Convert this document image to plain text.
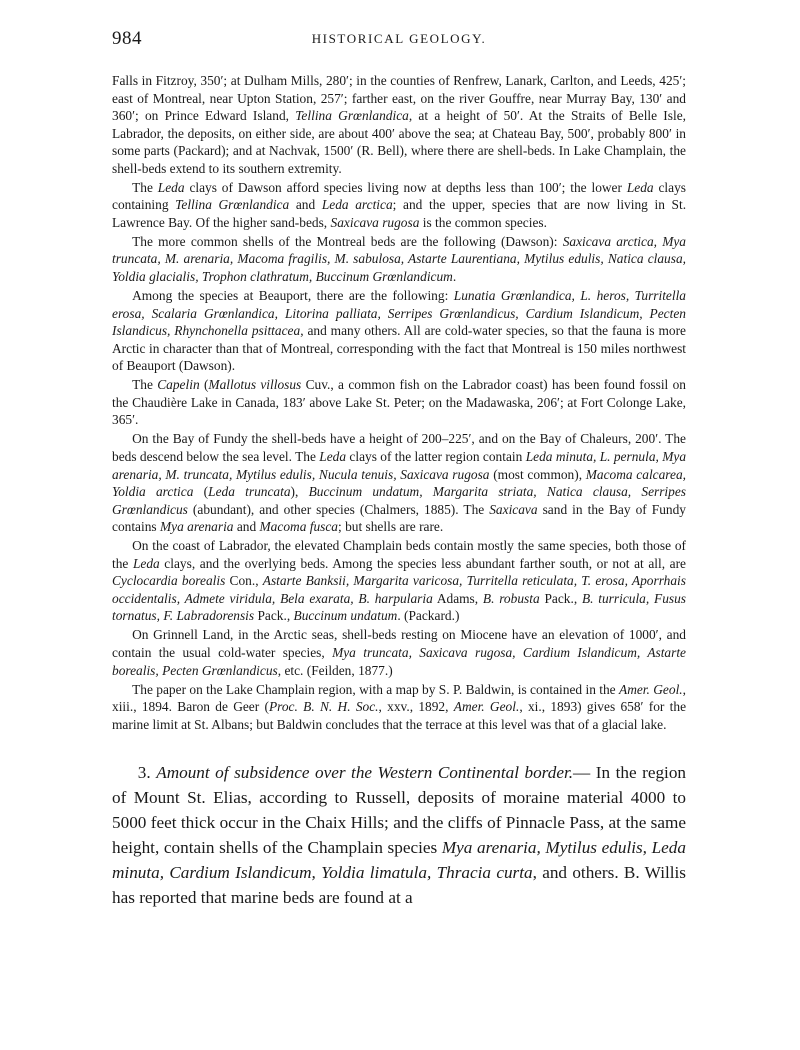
984	HISTORICAL GEOLOGY.

Falls in Fitzroy, 350′; at Dulham Mills, 280′; in the counties of Renfrew, Lanark, Carlton, and Leeds, 425′; east of Montreal, near Upton Station, 257′; farther east, on the river Gouffre, near Murray Bay, 130′ and 360′; on Prince Edward Island, Tellina Grœnlandica, at a height of 50′. At the Straits of Belle Isle, Labrador, the deposits, on either side, are about 400′ above the sea; at Chateau Bay, 500′, probably 800′ in some parts (Packard); and at Nachvak, 1500′ (R. Bell), where there are shell-beds. In Lake Champlain, the shell-beds extend to its southern extremity.

The Leda clays of Dawson afford species living now at depths less than 100′; the lower Leda clays containing Tellina Grœnlandica and Leda arctica; and the upper, species that are now living in St. Lawrence Bay. Of the higher sand-beds, Saxicava rugosa is the common species.

The more common shells of the Montreal beds are the following (Dawson): Saxicava arctica, Mya truncata, M. arenaria, Macoma fragilis, M. sabulosa, Astarte Laurentiana, Mytilus edulis, Natica clausa, Yoldia glacialis, Trophon clathratum, Buccinum Grœnlandicum.

Among the species at Beauport, there are the following: Lunatia Grœnlandica, L. heros, Turritella erosa, Scalaria Grœnlandica, Litorina palliata, Serripes Grœnlandicus, Cardium Islandicum, Pecten Islandicus, Rhynchonella psittacea, and many others. All are cold-water species, so that the fauna is more Arctic in character than that of Montreal, corresponding with the fact that Montreal is 150 miles northwest of Beauport (Dawson).

The Capelin (Mallotus villosus Cuv., a common fish on the Labrador coast) has been found fossil on the Chaudière Lake in Canada, 183′ above Lake St. Peter; on the Madawaska, 206′; at Fort Colonge Lake, 365′.

On the Bay of Fundy the shell-beds have a height of 200–225′, and on the Bay of Chaleurs, 200′. The beds descend below the sea level. The Leda clays of the latter region contain Leda minuta, L. pernula, Mya arenaria, M. truncata, Mytilus edulis, Nucula tenuis, Saxicava rugosa (most common), Macoma calcarea, Yoldia arctica (Leda truncata), Buccinum undatum, Margarita striata, Natica clausa, Serripes Grœnlandicus (abundant), and other species (Chalmers, 1885). The Saxicava sand in the Bay of Fundy contains Mya arenaria and Macoma fusca; but shells are rare.

On the coast of Labrador, the elevated Champlain beds contain mostly the same species, both those of the Leda clays, and the overlying beds. Among the species less abundant farther south, or not at all, are Cyclocardia borealis Con., Astarte Banksii, Margarita varicosa, Turritella reticulata, T. erosa, Aporrhais occidentalis, Admete viridula, Bela exarata, B. harpularia Adams, B. robusta Pack., B. turricula, Fusus tornatus, F. Labradorensis Pack., Buccinum undatum. (Packard.)

On Grinnell Land, in the Arctic seas, shell-beds resting on Miocene have an elevation of 1000′, and contain the usual cold-water species, Mya truncata, Saxicava rugosa, Cardium Islandicum, Astarte borealis, Pecten Grœnlandicus, etc. (Feilden, 1877.)

The paper on the Lake Champlain region, with a map by S. P. Baldwin, is contained in the Amer. Geol., xiii., 1894. Baron de Geer (Proc. B. N. H. Soc., xxv., 1892, Amer. Geol., xi., 1893) gives 658′ for the marine limit at St. Albans; but Baldwin concludes that the terrace at this level was that of a glacial lake.

3. Amount of subsidence over the Western Continental border.— In the region of Mount St. Elias, according to Russell, deposits of moraine material 4000 to 5000 feet thick occur in the Chaix Hills; and the cliffs of Pinnacle Pass, at the same height, contain shells of the Champlain species Mya arenaria, Mytilus edulis, Leda minuta, Cardium Islandicum, Yoldia limatula, Thracia curta, and others. B. Willis has reported that marine beds are found at a
